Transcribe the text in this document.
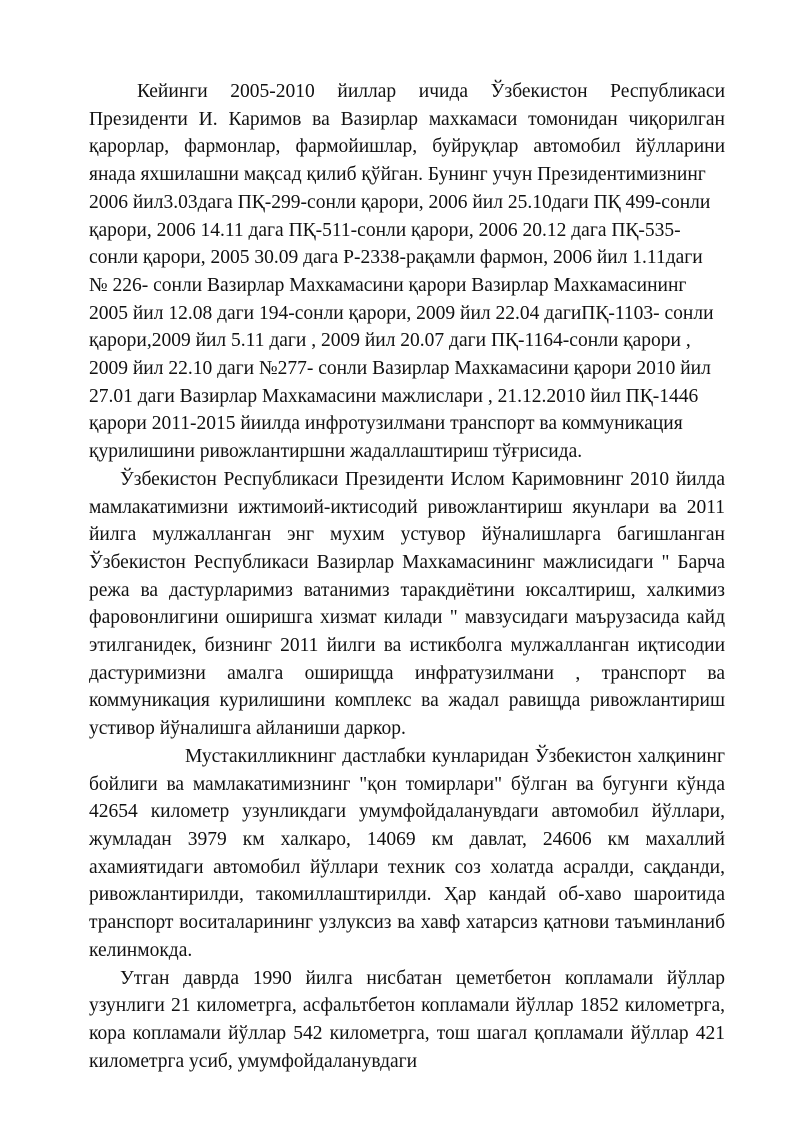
Кейинги 2005-2010 йиллар ичида Ўзбекистон Республикаси Президенти И. Каримов ва Вазирлар махкамаси томонидан чиқорилган қарорлар, фармонлар, фармойишлар, буйруқлар автомобил йўлларини янада яхшилашни мақсад қилиб қўйган. Бунинг учун Президентимизнинг

2006 йил3.03дага ПҚ-299-сонли қарори, 2006 йил 25.10даги ПҚ 499-сонли қарори, 2006 14.11 дага ПҚ-511-сонли қарори, 2006 20.12 дага ПҚ-535-сонли қарори, 2005 30.09 дага Р-2338-рақамли фармон, 2006 йил 1.11даги № 226- сонли Вазирлар Махкамасини қарори Вазирлар Махкамасининг 2005 йил 12.08 даги 194-сонли қарори, 2009 йил 22.04 дагиПҚ-1103- сонли қарори,2009 йил 5.11 даги , 2009 йил 20.07 даги ПҚ-1164-сонли қарори , 2009 йил 22.10 даги №277- сонли Вазирлар Махкамасини қарори 2010 йил 27.01 даги Вазирлар Махкамасини мажлислари , 21.12.2010 йил ПҚ-1446 қарори 2011-2015 йиилда инфротузилмани транспорт ва коммуникация қурилишини ривожлантиршни жадаллаштириш тўғрисида.

Ўзбекистон Республикаси Президенти Ислом Каримовнинг 2010 йилда мамлакатимизни ижтимоий-иктисодий ривожлантириш якунлари ва 2011 йилга мулжалланган энг мухим устувор йўналишларга багишланган Ўзбекистон Республикаси Вазирлар Махкамасининг мажлисидаги " Барча режа ва дастурларимиз ватанимиз таракдиётини юксалтириш, халкимиз фаровонлигини оширишга хизмат килади " мавзусидаги маърузасида кайд этилганидек, бизнинг 2011 йилги ва истикболга мулжалланган иқтисодии дастуримизни амалга оширищда инфратузилмани , транспорт ва коммуникация курилишини комплекс ва жадал равищда ривожлантириш устивор йўналишга айланиши даркор.

Мустакилликнинг дастлабки кунларидан Ўзбекистон халқининг бойлиги ва мамлакатимизнинг "қон томирлари" бўлган ва бугунги кўнда 42654 километр узунликдаги умумфойдаланувдаги автомобил йўллари, жумладан 3979 км халкаро, 14069 км давлат, 24606 км махаллий ахамиятидаги автомобил йўллари техник соз холатда асралди, сақданди, ривожлантирилди, такомиллаштирилди. Ҳар кандай об-хаво шароитида транспорт воситаларининг узлуксиз ва хавф хатарсиз қатнови таъминланиб келинмокда.

Утган даврда 1990 йилга нисбатан цеметбетон копламали йўллар узунлиги 21 километрга, асфальтбетон копламали йўллар 1852 километрга, кора копламали йўллар 542 километрга, тош шагал қопламали йўллар 421 километрга усиб, умумфойдаланувдаги
